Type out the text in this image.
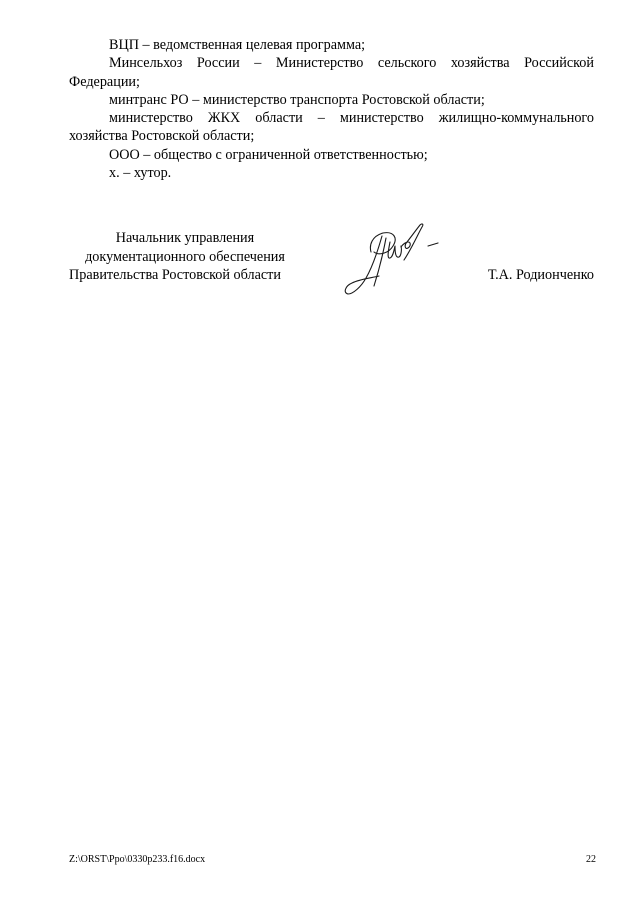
ВЦП – ведомственная целевая программа;

Минсельхоз России – Министерство сельского хозяйства Российской
Федерации;

минтранс РО – министерство транспорта Ростовской области;

министерство ЖКХ области – министерство жилищно-коммунального
хозяйства Ростовской области;

ООО – общество с ограниченной ответственностью;

х. – хутор.

Начальник управления
документационного обеспечения
Правительства Ростовской области	Т.А. Родионченко
Z:\ORST\Ppo\0330p233.f16.docx	22
